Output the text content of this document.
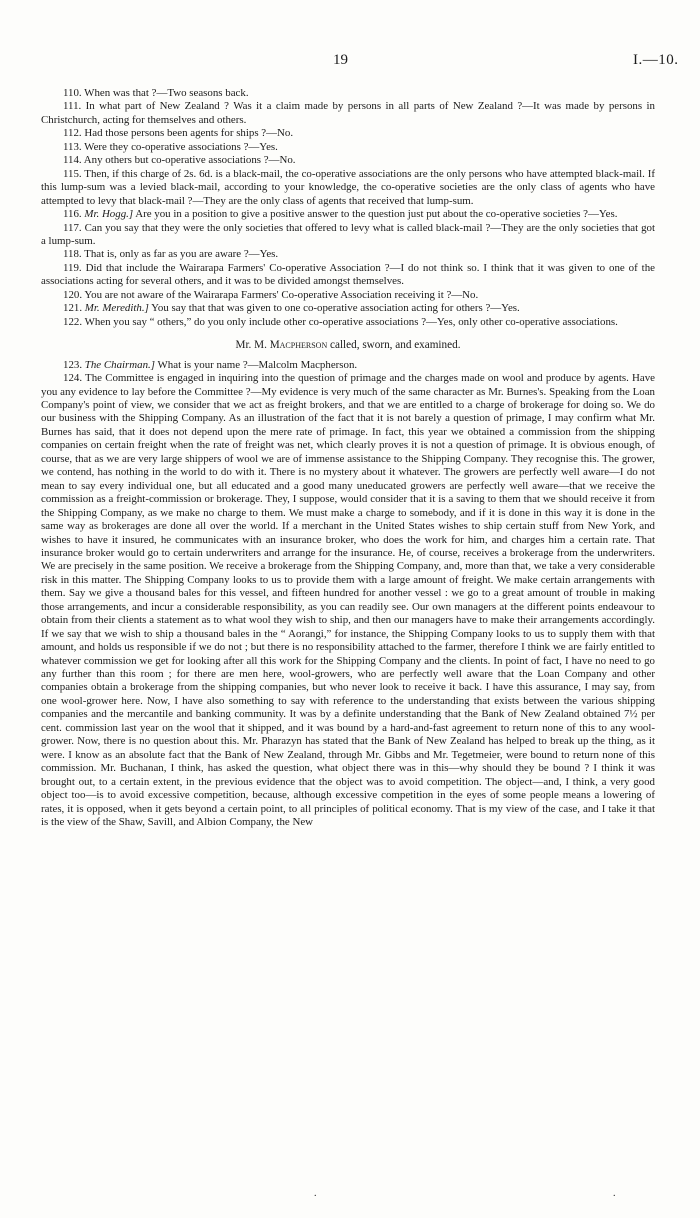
19	I.—10.

110. When was that ?—Two seasons back.

111. In what part of New Zealand ? Was it a claim made by persons in all parts of New Zealand ?—It was made by persons in Christchurch, acting for themselves and others.

112. Had those persons been agents for ships ?—No.

113. Were they co-operative associations ?—Yes.

114. Any others but co-operative associations ?—No.

115. Then, if this charge of 2s. 6d. is a black-mail, the co-operative associations are the only persons who have attempted black-mail. If this lump-sum was a levied black-mail, according to your knowledge, the co-operative societies are the only class of agents who have attempted to levy that black-mail ?—They are the only class of agents that received that lump-sum.

116. Mr. Hogg.] Are you in a position to give a positive answer to the question just put about the co-operative societies ?—Yes.

117. Can you say that they were the only societies that offered to levy what is called black-mail ?—They are the only societies that got a lump-sum.

118. That is, only as far as you are aware ?—Yes.

119. Did that include the Wairarapa Farmers' Co-operative Association ?—I do not think so. I think that it was given to one of the associations acting for several others, and it was to be divided amongst themselves.

120. You are not aware of the Wairarapa Farmers' Co-operative Association receiving it ?—No.

121. Mr. Meredith.] You say that that was given to one co-operative association acting for others ?—Yes.

122. When you say “ others,” do you only include other co-operative associations ?—Yes, only other co-operative associations.

Mr. M. Macpherson called, sworn, and examined.

123. The Chairman.] What is your name ?—Malcolm Macpherson.

124. The Committee is engaged in inquiring into the question of primage and the charges made on wool and produce by agents. Have you any evidence to lay before the Committee ?—My evidence is very much of the same character as Mr. Burnes's. Speaking from the Loan Company's point of view, we consider that we act as freight brokers, and that we are entitled to a charge of brokerage for doing so. We do our business with the Shipping Company. As an illustration of the fact that it is not barely a question of primage, I may confirm what Mr. Burnes has said, that it does not depend upon the mere rate of primage. In fact, this year we obtained a commission from the shipping companies on certain freight when the rate of freight was net, which clearly proves it is not a question of primage. It is obvious enough, of course, that as we are very large shippers of wool we are of immense assistance to the Shipping Company. They recognise this. The grower, we contend, has nothing in the world to do with it. There is no mystery about it whatever. The growers are perfectly well aware—I do not mean to say every individual one, but all educated and a good many uneducated growers are perfectly well aware—that we receive the commission as a freight-commission or brokerage. They, I suppose, would consider that it is a saving to them that we should receive it from the Shipping Company, as we make no charge to them. We must make a charge to somebody, and if it is done in this way it is done in the same way as brokerages are done all over the world. If a merchant in the United States wishes to ship certain stuff from New York, and wishes to have it insured, he communicates with an insurance broker, who does the work for him, and charges him a certain rate. That insurance broker would go to certain underwriters and arrange for the insurance. He, of course, receives a brokerage from the underwriters. We are precisely in the same position. We receive a brokerage from the Shipping Company, and, more than that, we take a very considerable risk in this matter. The Shipping Company looks to us to provide them with a large amount of freight. We make certain arrangements with them. Say we give a thousand bales for this vessel, and fifteen hundred for another vessel : we go to a great amount of trouble in making those arrangements, and incur a considerable responsibility, as you can readily see. Our own managers at the different points endeavour to obtain from their clients a statement as to what wool they wish to ship, and then our managers have to make their arrangements accordingly. If we say that we wish to ship a thousand bales in the “ Aorangi,” for instance, the Shipping Company looks to us to supply them with that amount, and holds us responsible if we do not ; but there is no responsibility attached to the farmer, therefore I think we are fairly entitled to whatever commission we get for looking after all this work for the Shipping Company and the clients. In point of fact, I have no need to go any further than this room ; for there are men here, wool-growers, who are perfectly well aware that the Loan Company and other companies obtain a brokerage from the shipping companies, but who never look to receive it back. I have this assurance, I may say, from one wool-grower here. Now, I have also something to say with reference to the understanding that exists between the various shipping companies and the mercantile and banking community. It was by a definite understanding that the Bank of New Zealand obtained 7½ per cent. commission last year on the wool that it shipped, and it was bound by a hard-and-fast agreement to return none of this to any wool-grower. Now, there is no question about this. Mr. Pharazyn has stated that the Bank of New Zealand has helped to break up the thing, as it were. I know as an absolute fact that the Bank of New Zealand, through Mr. Gibbs and Mr. Tegetmeier, were bound to return none of this commission. Mr. Buchanan, I think, has asked the question, what object there was in this—why should they be bound ? I think it was brought out, to a certain extent, in the previous evidence that the object was to avoid competition. The object—and, I think, a very good object too—is to avoid excessive competition, because, although excessive competition in the eyes of some people means a lowering of rates, it is opposed, when it gets beyond a certain point, to all principles of political economy. That is my view of the case, and I take it that is the view of the Shaw, Savill, and Albion Company, the New

.	.
